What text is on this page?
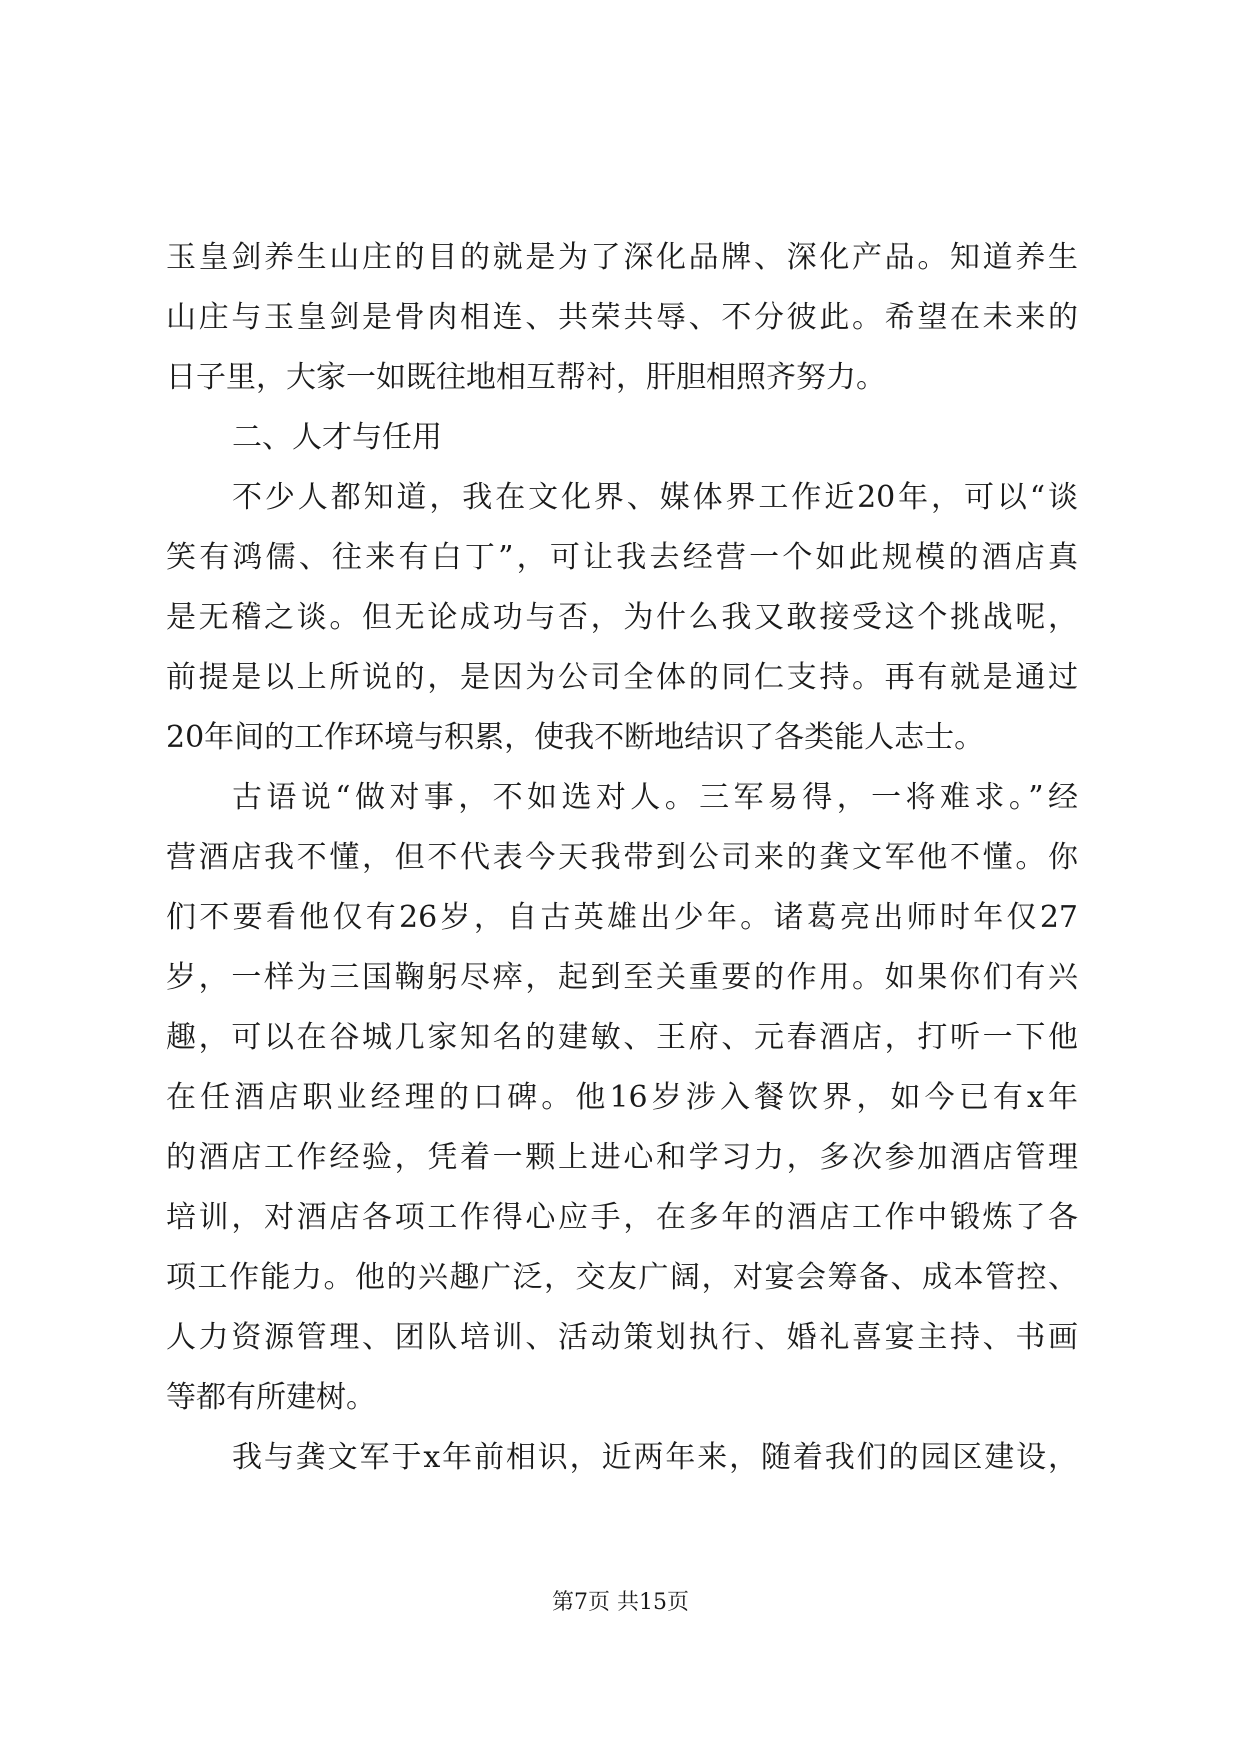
玉皇剑养生山庄的目的就是为了深化品牌、深化产品。知道养生
山庄与玉皇剑是骨肉相连、共荣共辱、不分彼此。希望在未来的
日子里，大家一如既往地相互帮衬，肝胆相照齐努力。
二、人才与任用
不少人都知道，我在文化界、媒体界工作近20年，可以“谈
笑有鸿儒、往来有白丁”，可让我去经营一个如此规模的酒店真
是无稽之谈。但无论成功与否，为什么我又敢接受这个挑战呢，
前提是以上所说的，是因为公司全体的同仁支持。再有就是通过
20年间的工作环境与积累，使我不断地结识了各类能人志士。
古语说“做对事，不如选对人。三军易得，一将难求。”经
营酒店我不懂，但不代表今天我带到公司来的龚文军他不懂。你
们不要看他仅有26岁，自古英雄出少年。诸葛亮出师时年仅27
岁，一样为三国鞠躬尽瘁，起到至关重要的作用。如果你们有兴
趣，可以在谷城几家知名的建敏、王府、元春酒店，打听一下他
在任酒店职业经理的口碑。他16岁涉入餐饮界，如今已有x年
的酒店工作经验，凭着一颗上进心和学习力，多次参加酒店管理
培训，对酒店各项工作得心应手，在多年的酒店工作中锻炼了各
项工作能力。他的兴趣广泛，交友广阔，对宴会筹备、成本管控、
人力资源管理、团队培训、活动策划执行、婚礼喜宴主持、书画
等都有所建树。
我与龚文军于x年前相识，近两年来，随着我们的园区建设，
第7页 共15页
